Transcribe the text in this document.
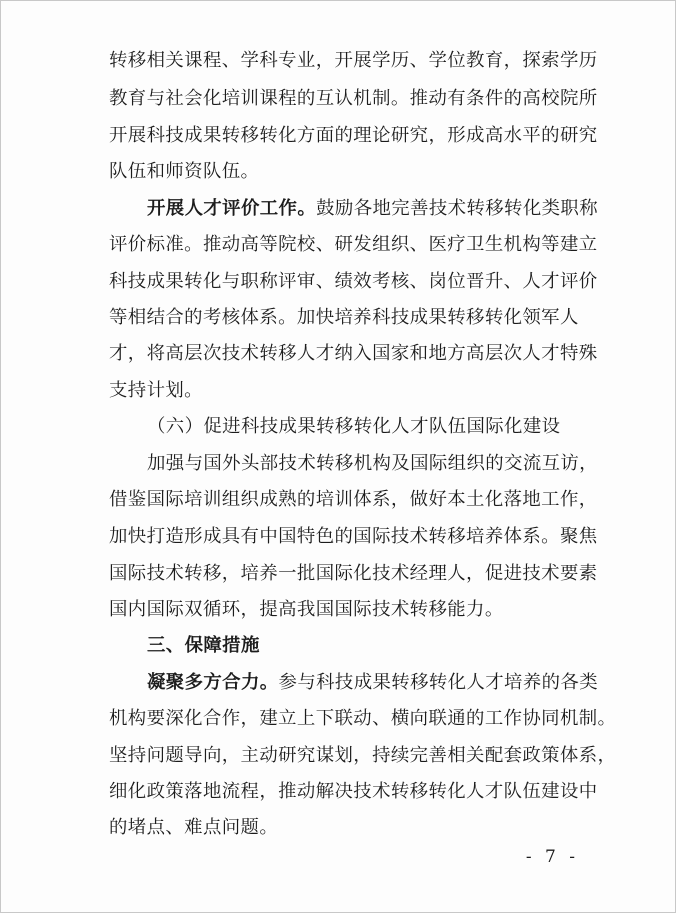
转移相关课程、学科专业，开展学历、学位教育，探索学历
教育与社会化培训课程的互认机制。推动有条件的高校院所
开展科技成果转移转化方面的理论研究，形成高水平的研究
队伍和师资队伍。
开展人才评价工作。鼓励各地完善技术转移转化类职称
评价标准。推动高等院校、研发组织、医疗卫生机构等建立
科技成果转化与职称评审、绩效考核、岗位晋升、人才评价
等相结合的考核体系。加快培养科技成果转移转化领军人
才，将高层次技术转移人才纳入国家和地方高层次人才特殊
支持计划。
（六）促进科技成果转移转化人才队伍国际化建设
加强与国外头部技术转移机构及国际组织的交流互访，
借鉴国际培训组织成熟的培训体系，做好本土化落地工作，
加快打造形成具有中国特色的国际技术转移培养体系。聚焦
国际技术转移，培养一批国际化技术经理人，促进技术要素
国内国际双循环，提高我国国际技术转移能力。
三、保障措施
凝聚多方合力。参与科技成果转移转化人才培养的各类
机构要深化合作，建立上下联动、横向联通的工作协同机制。
坚持问题导向，主动研究谋划，持续完善相关配套政策体系，
细化政策落地流程，推动解决技术转移转化人才队伍建设中
的堵点、难点问题。
- 7 -
